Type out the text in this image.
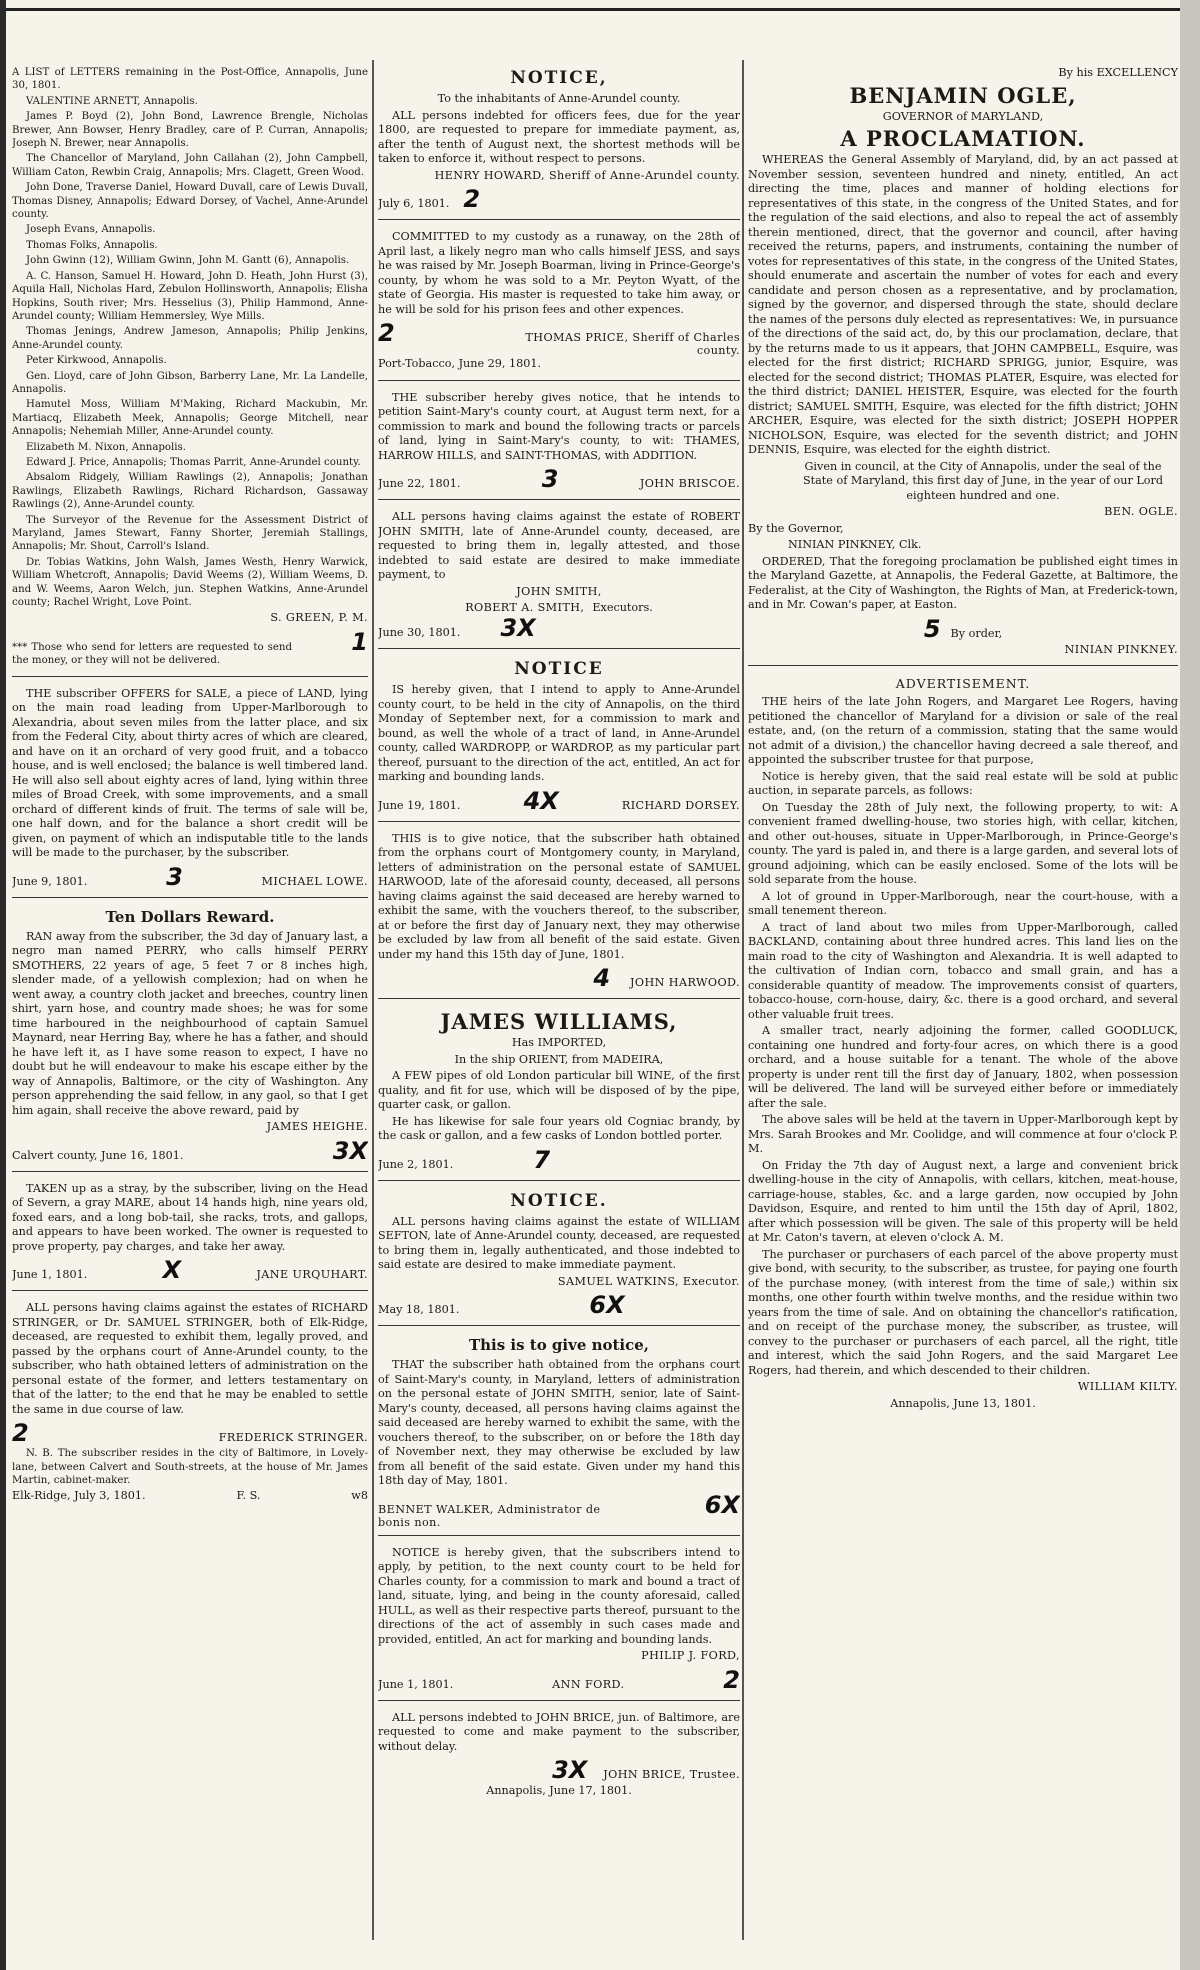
A LIST of LETTERS remaining in the Post-Office, Annapolis, June 30, 1801.

VALENTINE ARNETT, Annapolis.

James P. Boyd (2), John Bond, Lawrence Brengle, Nicholas Brewer, Ann Bowser, Henry Bradley, care of P. Curran, Annapolis; Joseph N. Brewer, near Annapolis.

The Chancellor of Maryland, John Callahan (2), John Campbell, William Caton, Rewbin Craig, Annapolis; Mrs. Clagett, Green Wood.

John Done, Traverse Daniel, Howard Duvall, care of Lewis Duvall, Thomas Disney, Annapolis; Edward Dorsey, of Vachel, Anne-Arundel county.

Joseph Evans, Annapolis.

Thomas Folks, Annapolis.

John Gwinn (12), William Gwinn, John M. Gantt (6), Annapolis.

A. C. Hanson, Samuel H. Howard, John D. Heath, John Hurst (3), Aquila Hall, Nicholas Hard, Zebulon Hollinsworth, Annapolis; Elisha Hopkins, South river; Mrs. Hesselius (3), Philip Hammond, Anne-Arundel county; William Hemmersley, Wye Mills.

Thomas Jenings, Andrew Jameson, Annapolis; Philip Jenkins, Anne-Arundel county.

Peter Kirkwood, Annapolis.

Gen. Lloyd, care of John Gibson, Barberry Lane, Mr. La Landelle, Annapolis.

Hamutel Moss, William M'Making, Richard Mackubin, Mr. Martiacq, Elizabeth Meek, Annapolis; George Mitchell, near Annapolis; Nehemiah Miller, Anne-Arundel county.

Elizabeth M. Nixon, Annapolis.

Edward J. Price, Annapolis; Thomas Parrit, Anne-Arundel county.

Absalom Ridgely, William Rawlings (2), Annapolis; Jonathan Rawlings, Elizabeth Rawlings, Richard Richardson, Gassaway Rawlings (2), Anne-Arundel county.

The Surveyor of the Revenue for the Assessment District of Maryland, James Stewart, Fanny Shorter, Jeremiah Stallings, Annapolis; Mr. Shout, Carroll's Island.

Dr. Tobias Watkins, John Walsh, James Westh, Henry Warwick, William Whetcroft, Annapolis; David Weems (2), William Weems, D. and W. Weems, Aaron Welch, jun. Stephen Watkins, Anne-Arundel county; Rachel Wright, Love Point.

S. GREEN, P. M.

*** Those who send for letters are requested to send the money, or they will not be delivered.
1

THE subscriber OFFERS for SALE, a piece of LAND, lying on the main road leading from Upper-Marlborough to Alexandria, about seven miles from the latter place, and six from the Federal City, about thirty acres of which are cleared, and have on it an orchard of very good fruit, and a tobacco house, and is well enclosed; the balance is well timbered land. He will also sell about eighty acres of land, lying within three miles of Broad Creek, with some improvements, and a small orchard of different kinds of fruit. The terms of sale will be, one half down, and for the balance a short credit will be given, on payment of which an indisputable title to the lands will be made to the purchaser, by the subscriber.

June 9, 1801.	3	MICHAEL LOWE.

Ten Dollars Reward.

RAN away from the subscriber, the 3d day of January last, a negro man named PERRY, who calls himself PERRY SMOTHERS, 22 years of age, 5 feet 7 or 8 inches high, slender made, of a yellowish complexion; had on when he went away, a country cloth jacket and breeches, country linen shirt, yarn hose, and country made shoes; he was for some time harboured in the neighbourhood of captain Samuel Maynard, near Herring Bay, where he has a father, and should he have left it, as I have some reason to expect, I have no doubt but he will endeavour to make his escape either by the way of Annapolis, Baltimore, or the city of Washington. Any person apprehending the said fellow, in any gaol, so that I get him again, shall receive the above reward, paid by

JAMES HEIGHE.

Calvert county, June 16, 1801.	3X

TAKEN up as a stray, by the subscriber, living on the Head of Severn, a gray MARE, about 14 hands high, nine years old, foxed ears, and a long bob-tail, she racks, trots, and gallops, and appears to have been worked. The owner is requested to prove property, pay charges, and take her away.

June 1, 1801.	X	JANE URQUHART.

ALL persons having claims against the estates of RICHARD STRINGER, or Dr. SAMUEL STRINGER, both of Elk-Ridge, deceased, are requested to exhibit them, legally proved, and passed by the orphans court of Anne-Arundel county, to the subscriber, who hath obtained letters of administration on the personal estate of the former, and letters testamentary on that of the latter; to the end that he may be enabled to settle the same in due course of law.

2	FREDERICK STRINGER.

N. B. The subscriber resides in the city of Baltimore, in Lovely-lane, between Calvert and South-streets, at the house of Mr. James Martin, cabinet-maker.

Elk-Ridge, July 3, 1801.	F. S.	w8

NOTICE,

To the inhabitants of Anne-Arundel county.

ALL persons indebted for officers fees, due for the year 1800, are requested to prepare for immediate payment, as, after the tenth of August next, the shortest methods will be taken to enforce it, without respect to persons.

HENRY HOWARD, Sheriff of Anne-Arundel county.

July 6, 1801. 2

COMMITTED to my custody as a runaway, on the 28th of April last, a likely negro man who calls himself JESS, and says he was raised by Mr. Joseph Boarman, living in Prince-George's county, by whom he was sold to a Mr. Peyton Wyatt, of the state of Georgia. His master is requested to take him away, or he will be sold for his prison fees and other expences.

2	THOMAS PRICE, Sheriff of Charles county.

Port-Tobacco, June 29, 1801.

THE subscriber hereby gives notice, that he intends to petition Saint-Mary's county court, at August term next, for a commission to mark and bound the following tracts or parcels of land, lying in Saint-Mary's county, to wit: THAMES, HARROW HILLS, and SAINT-THOMAS, with ADDITION.

June 22, 1801.	3	JOHN BRISCOE.

ALL persons having claims against the estate of ROBERT JOHN SMITH, late of Anne-Arundel county, deceased, are requested to bring them in, legally attested, and those indebted to said estate are desired to make immediate payment, to

JOHN SMITH,

ROBERT A. SMITH, Executors.
June 30, 1801. 3X

NOTICE

IS hereby given, that I intend to apply to Anne-Arundel county court, to be held in the city of Annapolis, on the third Monday of September next, for a commission to mark and bound, as well the whole of a tract of land, in Anne-Arundel county, called WARDROPP, or WARDROP, as my particular part thereof, pursuant to the direction of the act, entitled, An act for marking and bounding lands.

June 19, 1801.	4X	RICHARD DORSEY.

THIS is to give notice, that the subscriber hath obtained from the orphans court of Montgomery county, in Maryland, letters of administration on the personal estate of SAMUEL HARWOOD, late of the aforesaid county, deceased, all persons having claims against the said deceased are hereby warned to exhibit the same, with the vouchers thereof, to the subscriber, at or before the first day of January next, they may otherwise be excluded by law from all benefit of the said estate. Given under my hand this 15th day of June, 1801.

4 JOHN HARWOOD.

JAMES WILLIAMS,

Has IMPORTED,

In the ship ORIENT, from MADEIRA,

A FEW pipes of old London particular bill WINE, of the first quality, and fit for use, which will be disposed of by the pipe, quarter cask, or gallon.

He has likewise for sale four years old Cogniac brandy, by the cask or gallon, and a few casks of London bottled porter.

June 2, 1801.	7

NOTICE.

ALL persons having claims against the estate of WILLIAM SEFTON, late of Anne-Arundel county, deceased, are requested to bring them in, legally authenticated, and those indebted to said estate are desired to make immediate payment.

SAMUEL WATKINS, Executor.

May 18, 1801.	6X

This is to give notice,

THAT the subscriber hath obtained from the orphans court of Saint-Mary's county, in Maryland, letters of administration on the personal estate of JOHN SMITH, senior, late of Saint-Mary's county, deceased, all persons having claims against the said deceased are hereby warned to exhibit the same, with the vouchers thereof, to the subscriber, on or before the 18th day of November next, they may otherwise be excluded by law from all benefit of the said estate. Given under my hand this 18th day of May, 1801.

BENNET WALKER, Administrator de bonis non.
6X

NOTICE is hereby given, that the subscribers intend to apply, by petition, to the next county court to be held for Charles county, for a commission to mark and bound a tract of land, situate, lying, and being in the county aforesaid, called HULL, as well as their respective parts thereof, pursuant to the directions of the act of assembly in such cases made and provided, entitled, An act for marking and bounding lands.

PHILIP J. FORD,

June 1, 1801.	ANN FORD.	2

ALL persons indebted to JOHN BRICE, jun. of Baltimore, are requested to come and make payment to the subscriber, without delay.

3X JOHN BRICE, Trustee.

Annapolis, June 17, 1801.

By his EXCELLENCY

BENJAMIN OGLE,

GOVERNOR of MARYLAND,

A PROCLAMATION.

WHEREAS the General Assembly of Maryland, did, by an act passed at November session, seventeen hundred and ninety, entitled, An act directing the time, places and manner of holding elections for representatives of this state, in the congress of the United States, and for the regulation of the said elections, and also to repeal the act of assembly therein mentioned, direct, that the governor and council, after having received the returns, papers, and instruments, containing the number of votes for representatives of this state, in the congress of the United States, should enumerate and ascertain the number of votes for each and every candidate and person chosen as a representative, and by proclamation, signed by the governor, and dispersed through the state, should declare the names of the persons duly elected as representatives: We, in pursuance of the directions of the said act, do, by this our proclamation, declare, that by the returns made to us it appears, that JOHN CAMPBELL, Esquire, was elected for the first district; RICHARD SPRIGG, junior, Esquire, was elected for the second district; THOMAS PLATER, Esquire, was elected for the third district; DANIEL HEISTER, Esquire, was elected for the fourth district; SAMUEL SMITH, Esquire, was elected for the fifth district; JOHN ARCHER, Esquire, was elected for the sixth district; JOSEPH HOPPER NICHOLSON, Esquire, was elected for the seventh district; and JOHN DENNIS, Esquire, was elected for the eighth district.

Given in council, at the City of Annapolis, under the seal of the State of Maryland, this first day of June, in the year of our Lord eighteen hundred and one.

BEN. OGLE.

By the Governor,

NINIAN PINKNEY, Clk.

ORDERED, That the foregoing proclamation be published eight times in the Maryland Gazette, at Annapolis, the Federal Gazette, at Baltimore, the Federalist, at the City of Washington, the Rights of Man, at Frederick-town, and in Mr. Cowan's paper, at Easton.

5 By order,

NINIAN PINKNEY.

ADVERTISEMENT.

THE heirs of the late John Rogers, and Margaret Lee Rogers, having petitioned the chancellor of Maryland for a division or sale of the real estate, and, (on the return of a commission, stating that the same would not admit of a division,) the chancellor having decreed a sale thereof, and appointed the subscriber trustee for that purpose,

Notice is hereby given, that the said real estate will be sold at public auction, in separate parcels, as follows:

On Tuesday the 28th of July next, the following property, to wit: A convenient framed dwelling-house, two stories high, with cellar, kitchen, and other out-houses, situate in Upper-Marlborough, in Prince-George's county. The yard is paled in, and there is a large garden, and several lots of ground adjoining, which can be easily enclosed. Some of the lots will be sold separate from the house.

A lot of ground in Upper-Marlborough, near the court-house, with a small tenement thereon.

A tract of land about two miles from Upper-Marlborough, called BACKLAND, containing about three hundred acres. This land lies on the main road to the city of Washington and Alexandria. It is well adapted to the cultivation of Indian corn, tobacco and small grain, and has a considerable quantity of meadow. The improvements consist of quarters, tobacco-house, corn-house, dairy, &c. there is a good orchard, and several other valuable fruit trees.

A smaller tract, nearly adjoining the former, called GOODLUCK, containing one hundred and forty-four acres, on which there is a good orchard, and a house suitable for a tenant. The whole of the above property is under rent till the first day of January, 1802, when possession will be delivered. The land will be surveyed either before or immediately after the sale.

The above sales will be held at the tavern in Upper-Marlborough kept by Mrs. Sarah Brookes and Mr. Coolidge, and will commence at four o'clock P. M.

On Friday the 7th day of August next, a large and convenient brick dwelling-house in the city of Annapolis, with cellars, kitchen, meat-house, carriage-house, stables, &c. and a large garden, now occupied by John Davidson, Esquire, and rented to him until the 15th day of April, 1802, after which possession will be given. The sale of this property will be held at Mr. Caton's tavern, at eleven o'clock A. M.

The purchaser or purchasers of each parcel of the above property must give bond, with security, to the subscriber, as trustee, for paying one fourth of the purchase money, (with interest from the time of sale,) within six months, one other fourth within twelve months, and the residue within two years from the time of sale. And on obtaining the chancellor's ratification, and on receipt of the purchase money, the subscriber, as trustee, will convey to the purchaser or purchasers of each parcel, all the right, title and interest, which the said John Rogers, and the said Margaret Lee Rogers, had therein, and which descended to their children.

WILLIAM KILTY.

Annapolis, June 13, 1801.
